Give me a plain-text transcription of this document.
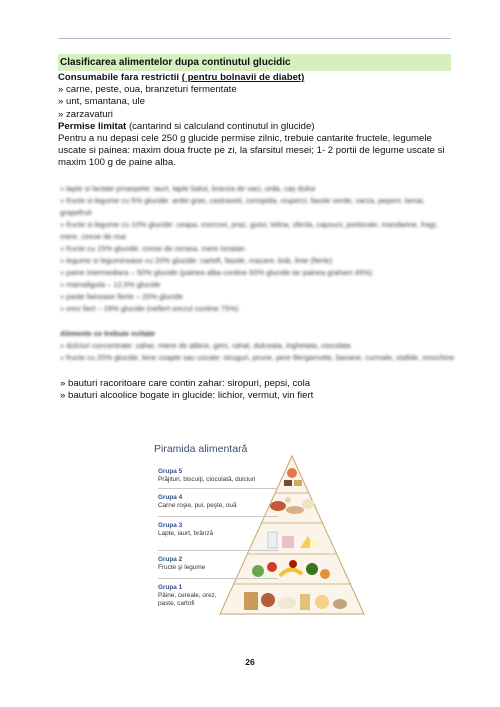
Clasificarea alimentelor dupa continutul glucidic
Consumabile fara restrictii ( pentru bolnavii de diabet)
» carne, peste, oua, branzeturi fermentate
» unt, smantana, ule
» zarzavaturi
Permise limitat (cantarind si calculand continutul in glucide)
Pentru a nu depasi cele 250 g glucide permise zilnic, trebuie cantarite fructele, legumele uscate si painea: maxim doua fructe pe zi, la sfarsitul mesei; 1- 2 portii de legume uscate si maxim 100 g de paine alba.
» lapte si lactate proaspete: iaurt, lapte batut, branza de vaci, urda, caș dulce
» fructe si legume cu 5% glucide: ardei gras, castraveti, conopida, ciuperci, fasole verde, varza, pepeni, lamai, grapefruit
» fructe si legume cu 10% glucide: ceapa, morcovi, praz, gutui, telina, sfecla, capsuni, portocale, mandarine, fragi, mere, cirese de mai
» fructe cu 15% glucide: cirese de cerasa, mere ionatan
» legume si leguminoase cu 20% glucide: cartofi, fasole, mazare, bob, linte (fierte)
» paine intermediara – 50% glucide (painea alba contine 60% glucide iar painea graham 45%)
» mamaliguta – 12,5% glucide
» paste fainoase fierte – 20% glucide
» orez fiert – 28% glucide (nefiert orezul contine 75%)
Alimente ce trebuie evitate
» dulciuri concentrate: zahar, miere de albine, gem, rahat, dulceata, inghetata, ciocolata
» fructe cu 20% glucide, bine coapte sau uscate: struguri, prune, pere Bergamotte, banane, curmale, stafide, smochine
» bauturi racoritoare care contin zahar: siropuri, pepsi, cola
» bauturi alcoolice bogate in glucide: lichior, vermut, vin fiert
Piramida alimentară
Grupa 5
Prăjituri, biscuiţi, ciocolată, dulciuri
Grupa 4
Carne roşie, pui, peşte, ouă
Grupa 3
Lapte, iaurt, brânză
Grupa 2
Fructe şi legume
Grupa 1
Pâine, cereale, orez, paste, cartofi
26
